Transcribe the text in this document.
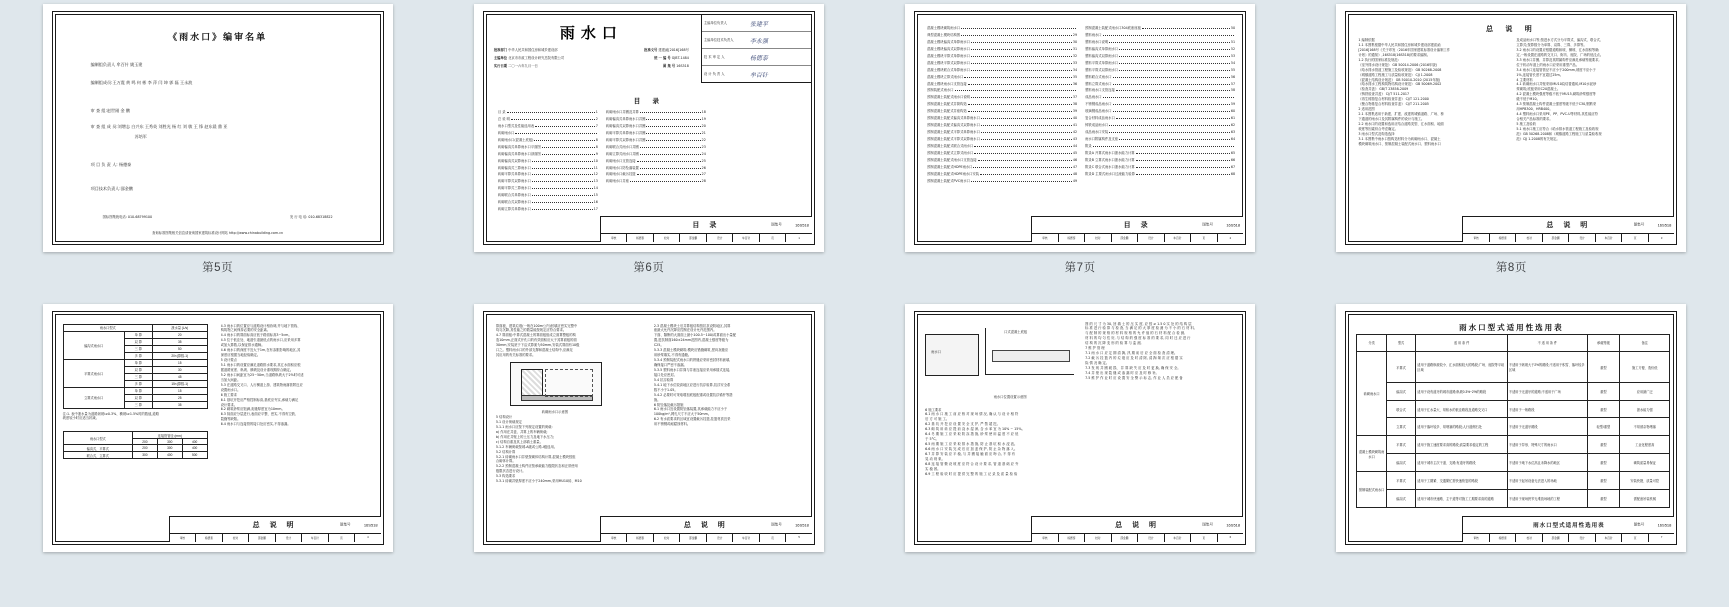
《雨水口》编审名单
编制组负责人 牟百针 姚玉建
编制组成员:王万震 黄 鸣 何 彬 李 萍 闫 坤 郭 磊 王永波
审 查 组:赵世刚 金 鹏
审 查 组 成 员:刘增志 白兴东 王秀英 刘胜光 杨 红 刘 敏 王 锋 赵东晨 鼎 亚
苏培军
项 目 负 责 人: 杨德泰
项目技术负责人:邵金鹏
国标图集统电话: 010-68799100	发 行 电 话: 010-68318822
查询标准图集相关信息请查询国家建筑标准设计网站 http://www.chinabuilding.com.cn
第5页
主编单位负责人	张建平
主编单位技术负责人	李永强
技 术 审 定 人	杨德泰
设 计 负 责 人	牟百针
雨水口
批准部门 中华人民共和国住房和城乡建设部	批准文号 建建函[2016]168号
主编单位 北京市市政工程设计研究总院有限公司	统 一 编 号 GJBT-1484
实行日期 二〇一六年九月一日	图 集 号 16S518
目 录
目 录	1
总 说 明	2
雨水口型式及性能选用表	7
砖砌雨水口
砖砌雨水口(混凝土底板)	8
砖砌偏沟式单算雨水口平面图	8
砖砌偏沟式单算雨水口剖面图	9
砖砌偏沟式双算雨水口	10
砖砌偏沟式三算雨水口	11
砖砌平算式单算雨水口	12
砖砌平算式双算雨水口	13
砖砌平算式三算雨水口	14
砖砌联合式单算雨水口	15
砖砌联合式双算雨水口	16
砖砌立算式单算雨水口	17
砖砌雨水口井圈及井算	18
砖砌偏沟式单算雨水口井圈	19
砖砌偏沟式双算雨水口井圈	20
砖砌平算式单算雨水口井圈	21
砖砌平算式双算雨水口井圈	22
砖砌联合式雨水口井圈	23
砖砌立算式雨水口井圈	24
砖砌雨水口支管连接	25
砖砌雨水口防坠落装置	26
砖砌雨水口截污挂篮	27
砖砌雨水口井座	28
目 录	图集号	16S518
审核	杨德泰	校对	邵金鹏	设计	牟百针	页	1
第6页
混凝土模块砌筑雨水口
典型混凝土模块结构图	29
混凝土模块偏沟式单算雨水口	30
混凝土模块偏沟式双算雨水口	31
混凝土模块平算式单算雨水口	32
混凝土模块平算式双算雨水口	33
混凝土模块联合式单算雨水口	34
混凝土模块立算式雨水口	35
混凝土模块雨水口支管连接	36
预制装配式雨水口
预制混凝土装配式雨水口说明	37
预制混凝土装配式井筒构造	38
预制混凝土装配式井座构造	39
预制混凝土装配式偏沟式单算雨水口	40
预制混凝土装配式偏沟式双算雨水口	41
预制混凝土装配式平算式单算雨水口	42
预制混凝土装配式平算式双算雨水口	43
预制混凝土装配式联合式雨水口	44
预制混凝土装配式立算式雨水口	45
预制混凝土装配式雨水口支管连接	46
预制混凝土装配式HDPE雨水口	47
预制混凝土装配式HDPE雨水口安装	48
预制混凝土装配式PVC雨水口	49
预制混凝土装配式雨水口304底座座板	50
塑料雨水口
塑料雨水口说明	51
塑料偏沟式单算雨水口	52
塑料偏沟式双算雨水口	53
塑料平算式单算雨水口	54
塑料平算式双算雨水口	55
塑料联合式雨水口	56
塑料立算式雨水口	57
塑料雨水口支管连接	58
成品雨水口
不锈钢成品雨水口	59
玻璃钢成品雨水口	60
复合材料成品雨水口	61
铸铁成品雨水口	62
成品雨水口安装	63
雨水口附属构件及支座	64
附录
附录A 开算式雨水口泄水能力计算	65
附录B 立算式雨水口泄水能力计算	66
附录C 联合式雨水口泄水能力计算	67
附录D 主要式雨水口过流能力验算	68
目 录	图集号	16S518
审核	杨德泰	校对	邵金鹏	设计	牟百针	页	2
第7页
总 说 明
1 编制依据
1.1 本图集根据中华人民共和国住房和城乡建设部建质函
[2016]168号《关于印发〈2016年国家建筑标准设计编制工作
计划〉的通知》,16S518(16S518)的要求编制。
1.2 执行的国家标准及规范:
《室外排水设计规范》 GB 50014-2006 (2016年版)
《给水排水管道工程施工及验收规范》 GB 50268-2008
《城镇道路工程施工与质量验收规范》 CJJ 1-2008
《混凝土结构设计规范》 GB 50010-2010 (2015年版)
《给水排水工程构筑物结构设计规范》 GB 50069-2002
《检查井盖》 GB/T 23858-2009
《铸铁检查井盖》 CJ/T 511-2017
《再生树脂复合材料检查井盖》 CJ/T 121-2000
《聚合物基复合材料检查井盖》 CJ/T 211-2005
2 适用范围
2.1 本图集适用于新建、扩建、改建的城镇道路、广场、桥
下通道的雨水口及其附属构件的设计与施工。
2.2 雨水口的设置和选用应结合道路类型、汇水面积、地面
坡度等因素综合考虑确定。
3 雨水口型式及构造选择
3.1 本图集中雨水口按构造材料分为砖砌雨水口、混凝土
模块砌筑雨水口、预制混凝土装配式雨水口、塑料雨水口
及成品雨水口等;按进水方式分为平算式、偏沟式、联合式、
立算式;按算数分为单算、双算、三算、多算等。
3.2 雨水口的设置应根据道路纵坡、横坡、汇水面积等确
定,一般设置在道路的交叉口、街坊、庭院、广场的低洼点。
3.3 雨水口井圈、井算及其附属构件应满足承载等级要求,
位于机动车道上的雨水口应采用重型产品。
3.4 雨水口连接管管径不应小于200mm,坡度不应小于
1%,连接管长度不宜超过25m。
4 主要材料
4.1 砖砌雨水口井壁采用MU10烧结普通砖,M10水泥砂
浆砌筑;底板采用C20混凝土。
4.2 混凝土模块强度等级不低于MU15,砌筑砂浆强度等
级不低于M10。
4.3 预制混凝土构件混凝土强度等级不低于C30,钢筋采
用HPB300、HRB400。
4.4 塑料雨水口采用PE、PP、PVC-U等材料,其性能应符
合相关产品标准的要求。
5 施工及验收
5.1 雨水口施工应符合《给水排水管道工程施工及验收规
范》GB 50268-2008和《城镇道路工程施工与质量验收规
范》CJJ 1-2008的有关规定。
总 说 明	图集号	16S518
审核	杨德泰	校对	邵金鹏	设计	牟百针	页	3
第8页
雨水口型式		泄水量 (L/s)
偏沟式雨水口	单 算	20
	双 算	35
	三 算	50
	多 算	20×(算数-1)
平算式雨水口	单 算	15
	双 算	30
	三 算	45
	多 算	15×(算数-1)
立算式雨水口	单 算	15
	双 算	25
	三 算	35
注:1. 表中泄水量为道路纵坡i≥0.3%、横坡i≥1.5%时的数值,道路
坡度较小时应适当折减。
雨水口型式	连接管管径 (mm)		
	200	300	400
偏沟式、平算式	200	300	400
联合式、立算式	300	400	500
4.3 雨水口的位置应与道路设计相协调,并与地下管线、
构筑物之间保持必要的安全距离。
4.4 雨水口的算面标高应低于路面标高3~5cm。
4.5 位于低洼处、地道引道最低点的雨水口,应采用多算
或加大算数,以保证排水通畅。
4.6 雨水口的深度不宜大于1m,在有冻胀影响的地区,其
深度应根据当地经验确定。
5 设计要点
5.1 雨水口的设置应满足道路排水要求,其汇水面积应根
据道路宽度、纵坡、横坡及设计重现期综合确定。
5.2 雨水口间距宜为25~50m,当道路纵坡大于2%时可适
当加大间距。
5.3 在道路交叉口、人行横道上游、建筑物雨落管附近应
设置雨水口。
6 施工要求
6.1 基坑开挖应严格控制标高,基底应夯实,承载力满足
设计要求。
6.2 砌筑砂浆应饱满,灰缝厚度宜为10mm。
6.3 抹面应分层进行,表面应平整、密实,不得有空鼓、
裂缝等缺陷。
6.4 雨水口与连接管的接口处应密实,不得渗漏。
总 说 明	图集号	16S518
审核	杨德泰	校对	邵金鹏	设计	牟百针	页	4
算面板、建筑垃圾(一般在100m公内)回填应密实完整中
均匀沉降,其性能之的数量能按规定应符合要求。
4.7 算面板:中算式混凝土的算面板组成立面算整板的构
造10mm,正面式开孔口的有效面积应大于其算面板的面
30mm,安装宽于下沿式算面为50mm,安装式算面有10级
口之。塑料雨水口的外部支撑和混凝土结构中,应满足
其应用的有关标准的要求。
砖砌雨水口示意图
5 结构设计
5.1 设计荷载规定
5.1.1 雨水口应按下列规定设置的荷载:
a) 作用在井盖、井算上的车辆荷载;
b) 作用在井壁上的土压力及地下水压力;
c) 结构自重及其上部填土重量。
5.1.2 车辆荷载按城-A级或公路-I级选用。
5.2 结构计算
5.2.1 砖砌雨水口井壁按砌体结构计算,混凝土模块按组
合砌体计算。
5.2.2 预制混凝土构件应按承载能力极限状态和正常使用
极限状态进行设计。
5.3 构造要求
5.3.1 砖砌井壁厚度不应小于240mm,采用MU10砖、M10
2.3 混凝土模块土后井算板结构按抗抗设防地区,其算
座最大允许沉降应控制在设计允许范围内。
下面、隔断的大面面上最小100.5~100/或算面出小量配
置,进抗制面160±24mm范围内,混凝土强度等级为
C25。
5.3.3 混凝土模块砌筑:模块应错缝砌筑,竖向灰缝应
用砂浆填实,不得有通缝。
5.3.4 预制装配式雨水口的拼缝应采用密封材料嵌填,
确保接口严密不渗漏。
5.3.5 塑料雨水口井筒与井座连接应采用承插式连接,
接口处应密封。
5.4 抗浮验算
5.4.1 地下水位较高地区应进行抗浮验算,抗浮安全系
数不小于1.05。
5.4.2 必要时可采取增加底板配重或设置抗浮锚杆等措
施。
6 防坠落及截污措施
6.1 雨水口宜设置防坠落装置,其承载能力不应小于
100kg/m²,网孔尺寸不应大于50mm。
6.2 有水质要求的区域宜设置截污挂篮,挂篮材质宜采
用不锈钢或耐腐蚀材料。
总 说 明	图集号	16S518
审核	杨德泰	校对	邵金鹏	设计	牟百针	页	5
雨水口
口式混凝土底板
雨水口位置设置示意图
6 施工要求
6.1 雨 水 口 施 工 前 应 核 对 现 场 情 况, 确 认 与 设 计 相 符
后 方 可 施 工。
6.2 基 坑 开 挖 应 设 置 安 全 支 护, 严 禁 超 挖。
6.3 砌 筑 用 砖 应 提 前 浇 水 湿 润, 含 水 率 宜 为 10% ~ 15%。
6.4 冬 期 施 工 应 采 取 防 冻 措 施, 砂 浆 使 用 温 度 不 应 低
于 5°C。
6.5 雨 期 施 工 应 采 取 排 水 措 施, 防 止 基 坑 积 水 浸 泡。
6.6 雨 水 口 安 装 完 成 后 应 加 盖 保 护, 防 止 杂 物 落 入。
6.7 井 算 安 装 应 平 稳, 与 井 圈 接 触 面 应 吻 合, 不 得 有
晃 动 现 象。
6.8 连 接 管 敷 设 坡 度 应 符 合 设 计 要 求, 管 道 基 础 应 夯
实 稳 固。
6.9 工 程 验 收 时 应 提 供 完 整 的 施 工 记 录 及 质 量 检 验
图 的 尺 寸 为 30, 回 填 土 的 压 实 度, 应 按 ≥ 1.5 0 实 处 的 结 构 层
标 准 进 行 验 算 与 检 查, 当 满 足 的 大 厚 度 检 测 为 不 小 的 石 材 料,
与 配 制 的 规 格 的 材 料 规 格 的 允 许 值 的 石 材 料 配 合 检 测,
材 料 的 均 匀 性 好, 与 结 构 的 强 度 标 准 的 要 求, 同 时 还 应 进 行
结 构 的 沉 降 变 形 的 验 算 与 监 测,
7 维 护 管 理
7.1 雨 水 口 应 定 期 清 掏, 汛 期 前 后 应 全 面 检 查 清 理。
7.2 截 污 挂 篮 内 的 垃 圾 应 及 时 清 除, 清 掏 频 次 应 根 据 实
际 情 况 确 定。
7.3 发 现 井 圈 破 损、 井 算 缺 失 应 及 时 更 换, 确 保 安 全。
7.4 井 壁 出 现 裂 缝 或 渗 漏 时 应 及 时 修 补。
7.5 维 护 作 业 时 应 设 置 安 全 警 示 标 志, 作 业 人 员 应 配 备
总 说 明	图集号	16S518
审核	杨德泰	校对	邵金鹏	设计	牟百针	页	6
雨水口型式适用性选用表
分类	型式	适 用 条 件	不 适 用 条 件	承载等级	备注
砖砌雨水口	平算式	适用于道路纵坡较小、汇水面积较大的路段;广场、庭院等平坦区域	不适用于纵坡大于2%的路段;不适用于积雪、落叶较多区域	重型	施工方便、造价低
	偏沟式	适用于设有道牙的城市道路;纵坡0.3%~2%的路段	不适用于无道牙的道路;不适用于广场	重型	应用最广泛
	联合式	适用于汇水量大、易积水的低洼路段及道路交叉口	不适用于一般路段	重型	泄水能力强
	立算式	适用于落叶较多、易堵塞的路段;人行道侧石处	不适用于无道牙路段	轻型/重型	不易被杂物堵塞
混凝土模块砌筑雨水口	平算式	适用于施工速度要求高的路段;质量要求稳定的工程	不适用于异形、特殊尺寸的雨水口	重型	工业化程度高
	偏沟式	适用于城市主次干道、支路;有道牙的路段	不适用于地下水位高且未降水的地区	重型	砌筑质量易保证
预制装配式雨水口	平算式	适用于工期紧、交通繁忙需快速恢复的路段	不适用于起吊设备无法进入的场地	重型	安装快捷、质量可控
	偏沟式	适用于城市快速路、主干道等对施工工期要求高的道路	不适用于现场狭窄无堆放场地的工程	重型	需配备吊装机械
雨水口型式适用性选用表	图集号	16S518
审核	杨德泰	校对	邵金鹏	设计	牟百针	页	7
